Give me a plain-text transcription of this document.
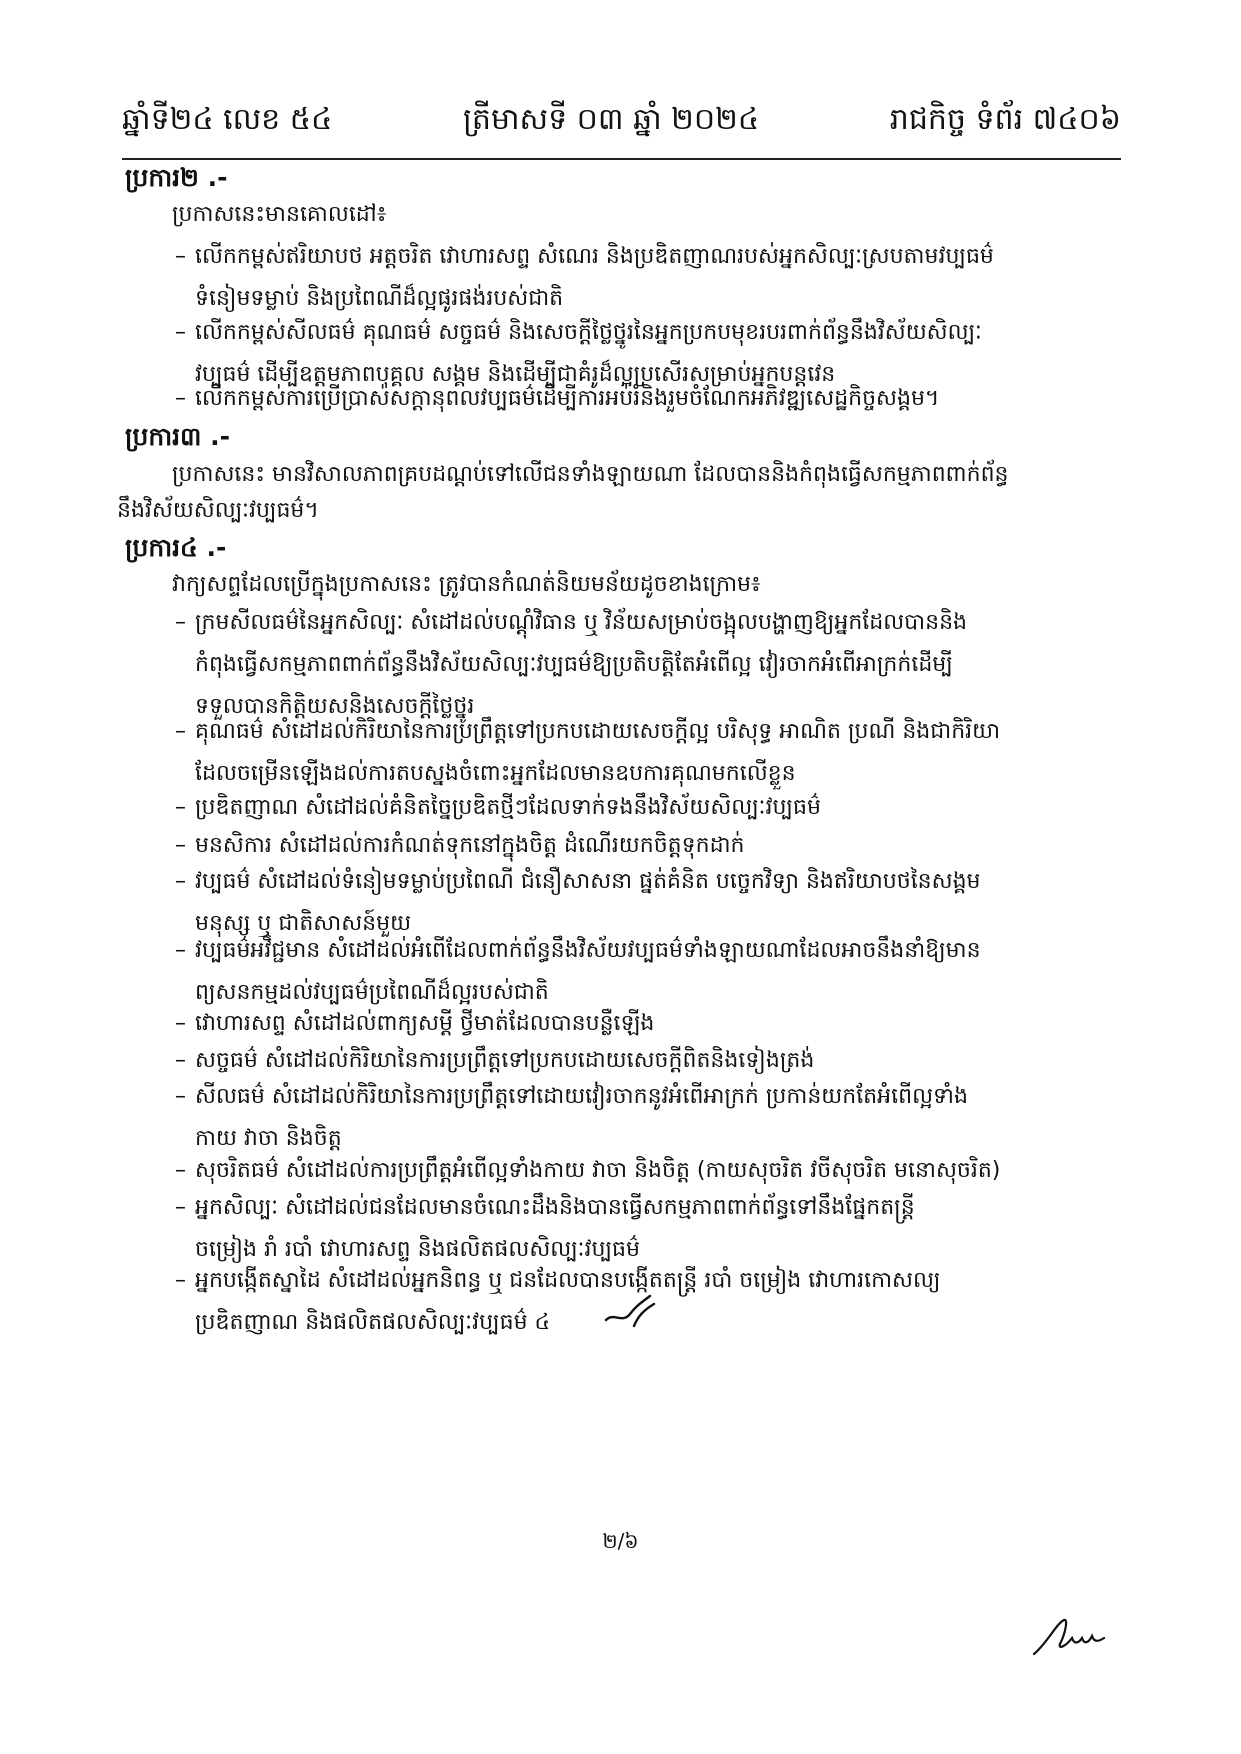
ឆ្នាំទី២៤ លេខ ៥៤	ត្រីមាសទី ០៣ ឆ្នាំ ២០២៤	រាជកិច្ច ទំព័រ ៧៤០៦
ប្រការ២ .-
ប្រកាសនេះមានគោលដៅ៖
– លើកកម្ពស់ឥរិយាបថ អត្តចរិត វោហារសព្ទ សំណេរ និងប្រឌិតញាណរបស់អ្នកសិល្បៈស្របតាមវប្បធម៌
ទំនៀមទម្លាប់ និងប្រពៃណីដ៏ល្អផូរផង់របស់ជាតិ
– លើកកម្ពស់សីលធម៌ គុណធម៌ សច្ចធម៌ និងសេចក្តីថ្លៃថ្នូរនៃអ្នកប្រកបមុខរបរពាក់ព័ន្ធនឹងវិស័យសិល្បៈ
វប្បធម៌ ដើម្បីឧត្តមភាពបុគ្គល សង្គម និងដើម្បីជាគំរូដ៏ល្អប្រសើរសម្រាប់អ្នកបន្តវេន
– លើកកម្ពស់ការប្រើប្រាស់សក្តានុពលវប្បធម៌ដើម្បីការអប់រំនិងរួមចំណែកអភិវឌ្ឍសេដ្ឋកិច្ចសង្គម។
ប្រការ៣ .-
ប្រកាសនេះ មានវិសាលភាពគ្របដណ្តប់ទៅលើជនទាំងឡាយណា ដែលបាននិងកំពុងធ្វើសកម្មភាពពាក់ព័ន្ធ
នឹងវិស័យសិល្បៈវប្បធម៌។
ប្រការ៤ .-
វាក្យសព្ទដែលប្រើក្នុងប្រកាសនេះ ត្រូវបានកំណត់និយមន័យដូចខាងក្រោម៖
– ក្រមសីលធម៌នៃអ្នកសិល្បៈ សំដៅដល់បណ្តុំវិធាន ឬ វិន័យសម្រាប់ចង្អុលបង្ហាញឱ្យអ្នកដែលបាននិង
កំពុងធ្វើសកម្មភាពពាក់ព័ន្ធនឹងវិស័យសិល្បៈវប្បធម៌ឱ្យប្រតិបត្តិតែអំពើល្អ វៀរចាកអំពើអាក្រក់ដើម្បី
ទទួលបានកិត្តិយសនិងសេចក្តីថ្លៃថ្នូរ
– គុណធម៌ សំដៅដល់កិរិយានៃការប្រព្រឹត្តទៅប្រកបដោយសេចក្តីល្អ បរិសុទ្ធ អាណិត ប្រណី និងជាកិរិយា
ដែលចម្រើនឡើងដល់ការតបស្នងចំពោះអ្នកដែលមានឧបការគុណមកលើខ្លួន
– ប្រឌិតញាណ សំដៅដល់គំនិតច្នៃប្រឌិតថ្មីៗដែលទាក់ទងនឹងវិស័យសិល្បៈវប្បធម៌
– មនសិការ សំដៅដល់ការកំណត់ទុកនៅក្នុងចិត្ត ដំណើរយកចិត្តទុកដាក់
– វប្បធម៌ សំដៅដល់ទំនៀមទម្លាប់ប្រពៃណី ជំនឿសាសនា ផ្នត់គំនិត បច្ចេកវិទ្យា និងឥរិយាបថនៃសង្គម
មនុស្ស ឬ ជាតិសាសន៍មួយ
– វប្បធម៌អវិជ្ជមាន សំដៅដល់អំពើដែលពាក់ព័ន្ធនឹងវិស័យវប្បធម៌ទាំងឡាយណាដែលអាចនឹងនាំឱ្យមាន
ព្យសនកម្មដល់វប្បធម៌ប្រពៃណីដ៏ល្អរបស់ជាតិ
– វោហារសព្ទ សំដៅដល់ពាក្យសម្តី ថ្វីមាត់ដែលបានបន្លឺឡើង
– សច្ចធម៌ សំដៅដល់កិរិយានៃការប្រព្រឹត្តទៅប្រកបដោយសេចក្តីពិតនិងទៀងត្រង់
– សីលធម៌ សំដៅដល់កិរិយានៃការប្រព្រឹត្តទៅដោយវៀរចាកនូវអំពើអាក្រក់ ប្រកាន់យកតែអំពើល្អទាំង
កាយ វាចា និងចិត្ត
– សុចរិតធម៌ សំដៅដល់ការប្រព្រឹត្តអំពើល្អទាំងកាយ វាចា និងចិត្ត (កាយសុចរិត វចីសុចរិត មនោសុចរិត)
– អ្នកសិល្បៈ សំដៅដល់ជនដែលមានចំណេះដឹងនិងបានធ្វើសកម្មភាពពាក់ព័ន្ធទៅនឹងផ្នែកតន្ត្រី
ចម្រៀង រាំ របាំ វោហារសព្ទ និងផលិតផលសិល្បៈវប្បធម៌
– អ្នកបង្កើតស្នាដៃ សំដៅដល់អ្នកនិពន្ធ ឬ ជនដែលបានបង្កើតតន្ត្រី របាំ ចម្រៀង វោហារកោសល្យ
ប្រឌិតញាណ និងផលិតផលសិល្បៈវប្បធម៌ ៤
២/៦
